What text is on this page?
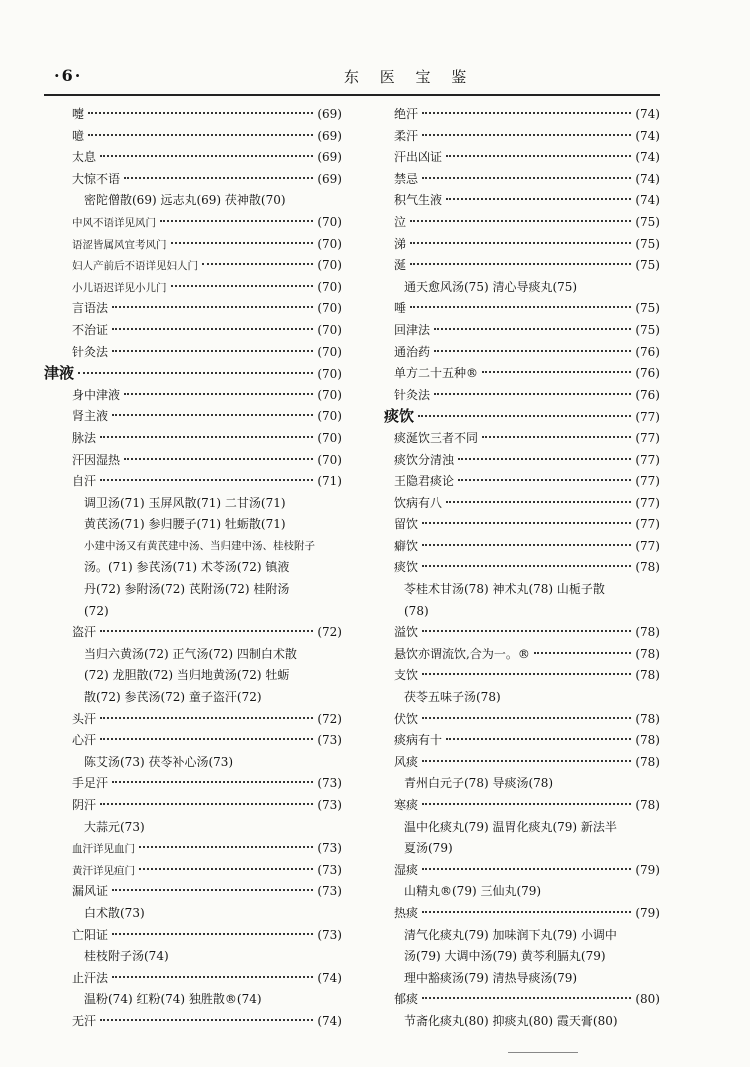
·6·	东 医 宝 鉴
嚏	(69)
噫	(69)
太息	(69)
大惊不语	(69)
密陀僧散(69) 远志丸(69) 茯神散(70)
中风不语详见风门	(70)
语涩皆属风宜考风门	(70)
妇人产前后不语详见妇人门	(70)
小儿语迟详见小儿门	(70)
言语法	(70)
不治证	(70)
针灸法	(70)
津液	(70)
身中津液	(70)
肾主液	(70)
脉法	(70)
汗因湿热	(70)
自汗	(71)
调卫汤(71) 玉屏风散(71) 二甘汤(71)
黄芪汤(71) 参归腰子(71) 牡蛎散(71)
小建中汤又有黄芪建中汤、当归建中汤、桂枝附子
汤。(71) 参芪汤(71) 术苓汤(72) 镇液
丹(72) 参附汤(72) 芪附汤(72) 桂附汤
(72)
盗汗	(72)
当归六黄汤(72) 正气汤(72) 四制白术散
(72) 龙胆散(72) 当归地黄汤(72) 牡蛎
散(72) 参芪汤(72) 童子盗汗(72)
头汗	(72)
心汗	(73)
陈艾汤(73) 茯苓补心汤(73)
手足汗	(73)
阴汗	(73)
大蒜元(73)
血汗详见血门	(73)
黄汗详见疸门	(73)
漏风证	(73)
白术散(73)
亡阳证	(73)
桂枝附子汤(74)
止汗法	(74)
温粉(74) 红粉(74) 独胜散®(74)
无汗	(74)
绝汗	(74)
柔汗	(74)
汗出凶证	(74)
禁忌	(74)
积气生液	(74)
泣	(75)
涕	(75)
涎	(75)
通天愈风汤(75) 清心导痰丸(75)
唾	(75)
回津法	(75)
通治药	(76)
单方二十五种®	(76)
针灸法	(76)
痰饮	(77)
痰涎饮三者不同	(77)
痰饮分清浊	(77)
王隐君痰论	(77)
饮病有八	(77)
留饮	(77)
癖饮	(77)
痰饮	(78)
苓桂术甘汤(78) 神术丸(78) 山栀子散
(78)
溢饮	(78)
悬饮亦谓流饮,合为一。®	(78)
支饮	(78)
茯苓五味子汤(78)
伏饮	(78)
痰病有十	(78)
风痰	(78)
青州白元子(78) 导痰汤(78)
寒痰	(78)
温中化痰丸(79) 温胃化痰丸(79) 新法半
夏汤(79)
湿痰	(79)
山精丸®(79) 三仙丸(79)
热痰	(79)
清气化痰丸(79) 加味润下丸(79) 小调中
汤(79) 大调中汤(79) 黄芩利膈丸(79)
理中豁痰汤(79) 清热导痰汤(79)
郁痰	(80)
节斋化痰丸(80) 抑痰丸(80) 霞天膏(80)
